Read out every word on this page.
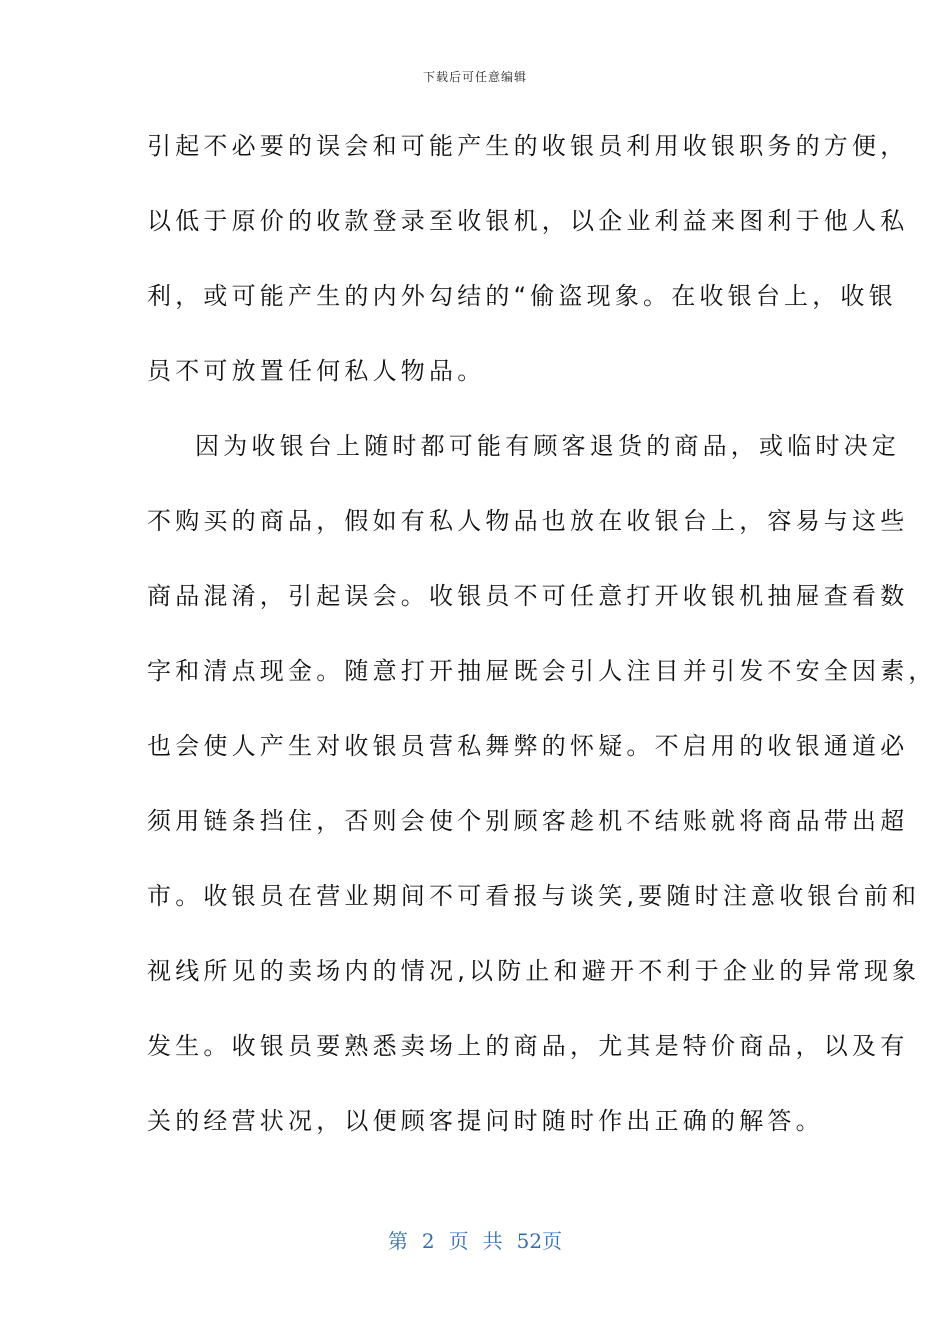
下载后可任意编辑
引起不必要的误会和可能产生的收银员利用收银职务的方便，
以低于原价的收款登录至收银机，以企业利益来图利于他人私
利，或可能产生的内外勾结的“偷盗现象。在收银台上，收银
员不可放置任何私人物品。
因为收银台上随时都可能有顾客退货的商品，或临时决定
不购买的商品，假如有私人物品也放在收银台上，容易与这些
商品混淆，引起误会。收银员不可任意打开收银机抽屉查看数
字和清点现金。随意打开抽屉既会引人注目并引发不安全因素，
也会使人产生对收银员营私舞弊的怀疑。不启用的收银通道必
须用链条挡住，否则会使个别顾客趁机不结账就将商品带出超
市。收银员在营业期间不可看报与谈笑,要随时注意收银台前和
视线所见的卖场内的情况,以防止和避开不利于企业的异常现象
发生。收银员要熟悉卖场上的商品，尤其是特价商品，以及有
关的经营状况，以便顾客提问时随时作出正确的解答。
第 2 页 共 52页
